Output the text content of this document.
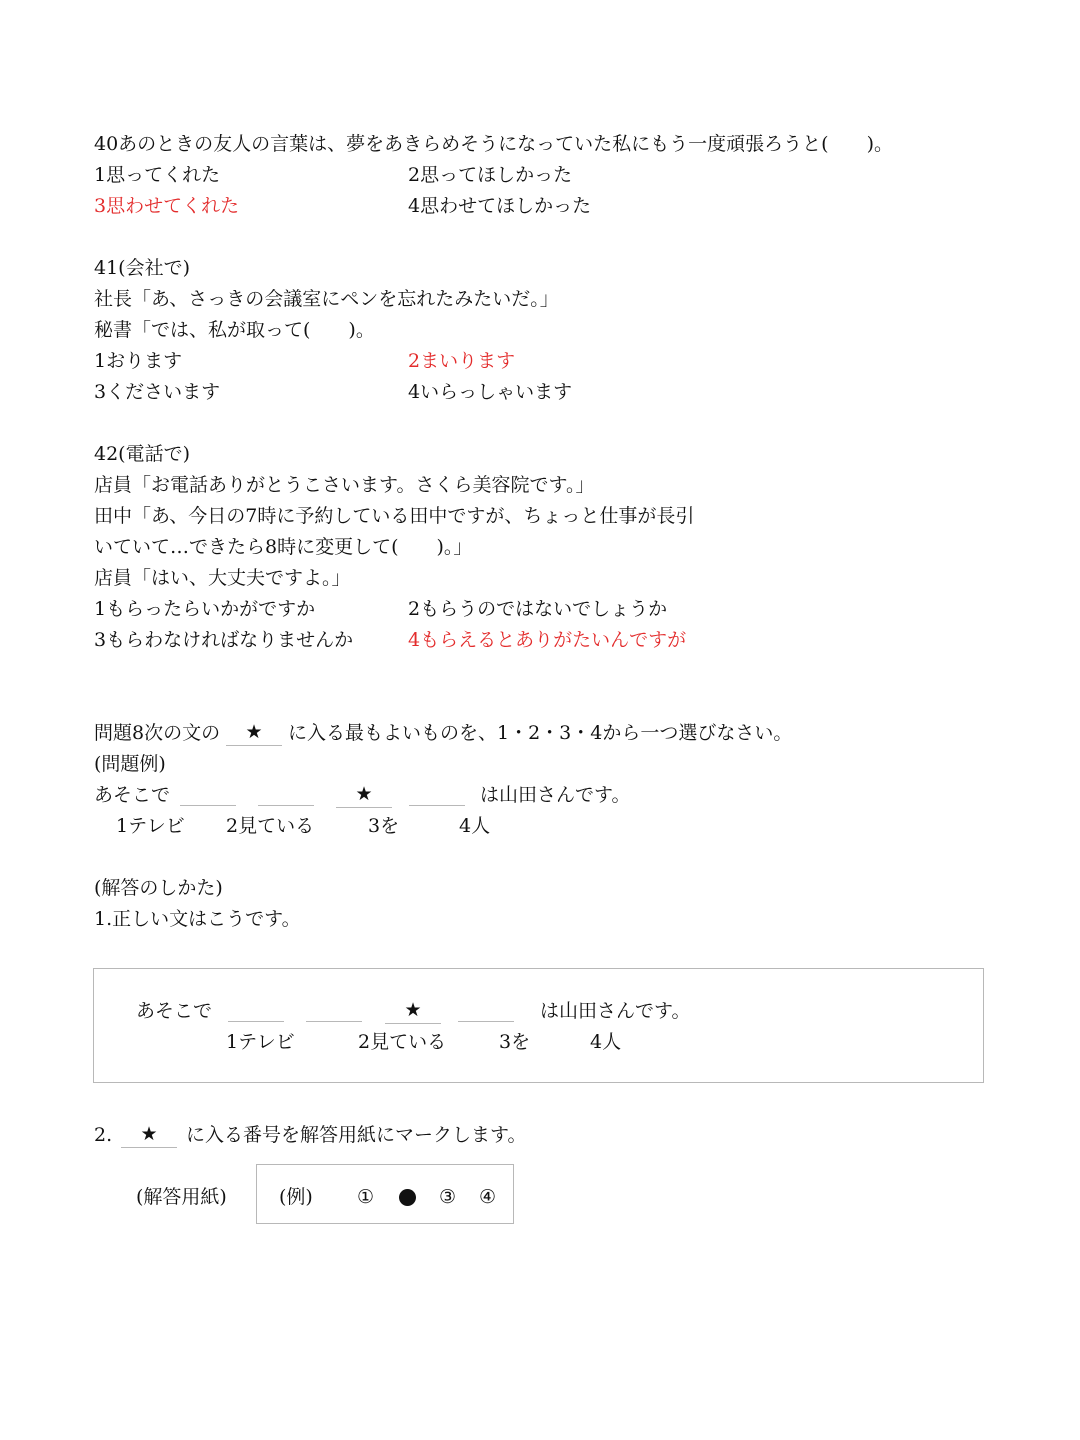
40あのときの友人の言葉は、夢をあきらめそうになっていた私にもう一度頑張ろうと(　　)。
1思ってくれた	2思ってほしかった
3思わせてくれた	4思わせてほしかった
41(会社で)
社長「あ、さっきの会議室にペンを忘れたみたいだ。」
秘書「では、私が取って(　　)。
1おります	2まいります
3くださいます	4いらっしゃいます
42(電話で)
店員「お電話ありがとうこさいます。さくら美容院です。」
田中「あ、今日の7時に予約している田中ですが、ちょっと仕事が長引
いていて…できたら8時に変更して(　　)。」
店員「はい、大丈夫ですよ。」
1もらったらいかがですか	2もらうのではないでしょうか
3もらわなければなりませんか	4もらえるとありがたいんですが
問題8次の文の	★	に入る最もよいものを、1・2・3・4から一つ選びなさい。
(問題例)
あそこで	★	は山田さんです。
1テレビ 2見ている	3を	4人
(解答のしかた)
1.正しい文はこうです。
あそこで	★	は山田さんです。
1テレビ	2見ている	3を	4人
2.	★	に入る番号を解答用紙にマークします。
(解答用紙)	(例) ①	③ ④
